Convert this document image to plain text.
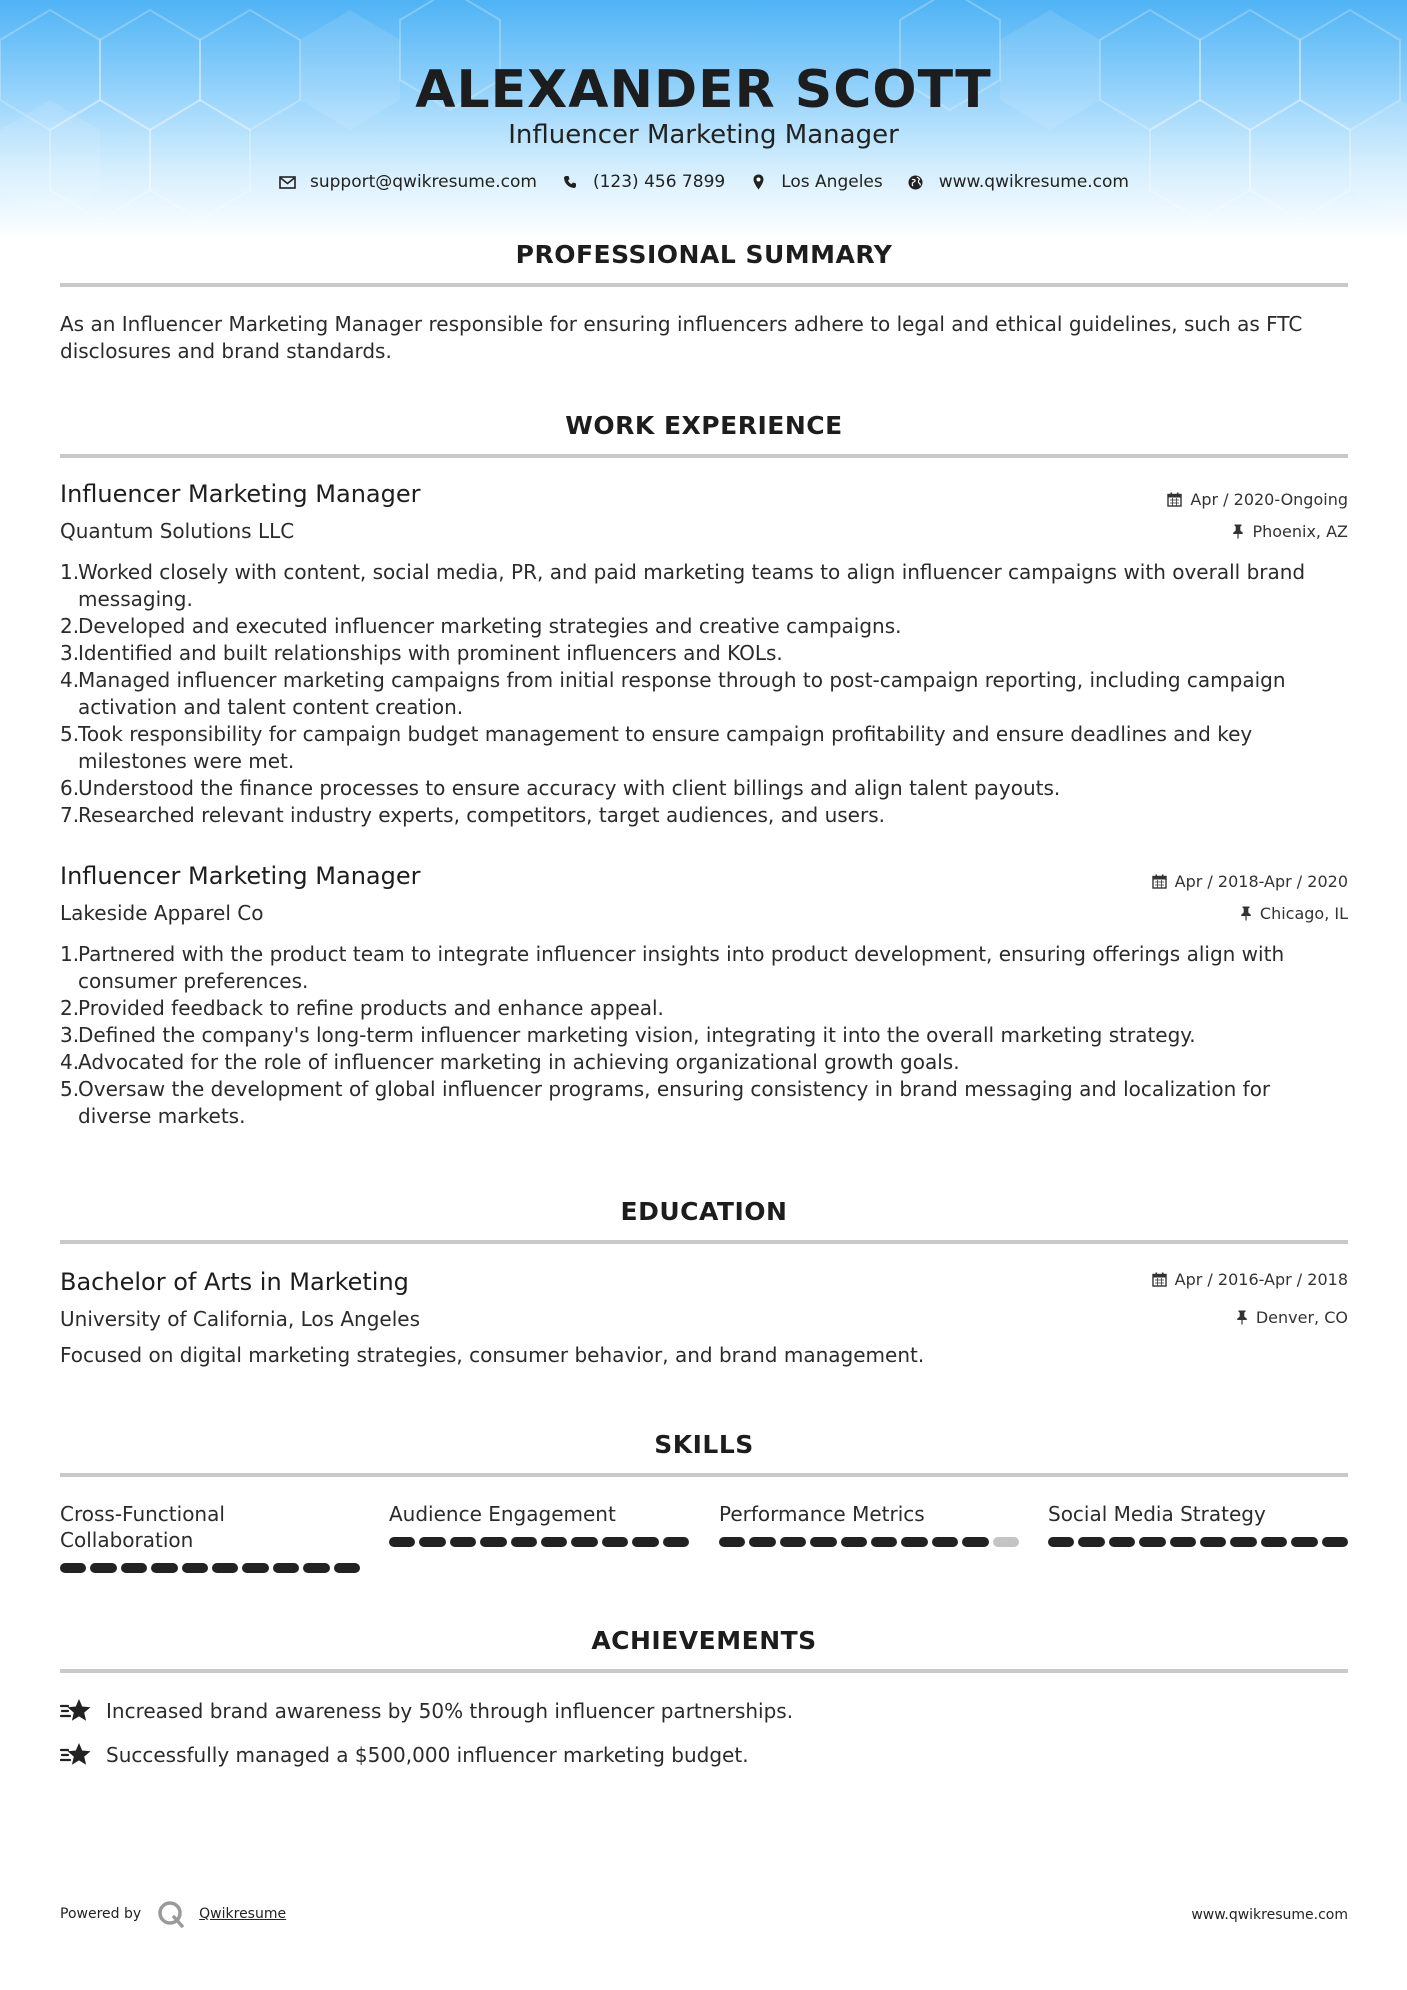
ALEXANDER SCOTT
Influencer Marketing Manager
support@qwikresume.com	(123) 456 7899	Los Angeles	www.qwikresume.com
PROFESSIONAL SUMMARY
As an Influencer Marketing Manager responsible for ensuring influencers adhere to legal and ethical guidelines, such as FTC disclosures and brand standards.
WORK EXPERIENCE
Influencer Marketing Manager	Apr / 2020-Ongoing
Quantum Solutions LLC	Phoenix, AZ
1.
Worked closely with content, social media, PR, and paid marketing teams to align influencer campaigns with overall brand messaging.
2.
Developed and executed influencer marketing strategies and creative campaigns.
3.
Identified and built relationships with prominent influencers and KOLs.
4.
Managed influencer marketing campaigns from initial response through to post-campaign reporting, including campaign activation and talent content creation.
5.
Took responsibility for campaign budget management to ensure campaign profitability and ensure deadlines and key milestones were met.
6.
Understood the finance processes to ensure accuracy with client billings and align talent payouts.
7.
Researched relevant industry experts, competitors, target audiences, and users.
Influencer Marketing Manager	Apr / 2018-Apr / 2020
Lakeside Apparel Co	Chicago, IL
1.
Partnered with the product team to integrate influencer insights into product development, ensuring offerings align with consumer preferences.
2.
Provided feedback to refine products and enhance appeal.
3.
Defined the company's long-term influencer marketing vision, integrating it into the overall marketing strategy.
4.
Advocated for the role of influencer marketing in achieving organizational growth goals.
5.
Oversaw the development of global influencer programs, ensuring consistency in brand messaging and localization for diverse markets.
EDUCATION
Bachelor of Arts in Marketing	Apr / 2016-Apr / 2018
University of California, Los Angeles	Denver, CO
Focused on digital marketing strategies, consumer behavior, and brand management.
SKILLS
Cross-Functional Collaboration
Audience Engagement	Performance Metrics	Social Media Strategy
ACHIEVEMENTS
Increased brand awareness by 50% through influencer partnerships.
Successfully managed a $500,000 influencer marketing budget.
Powered by	Qwikresume	www.qwikresume.com
